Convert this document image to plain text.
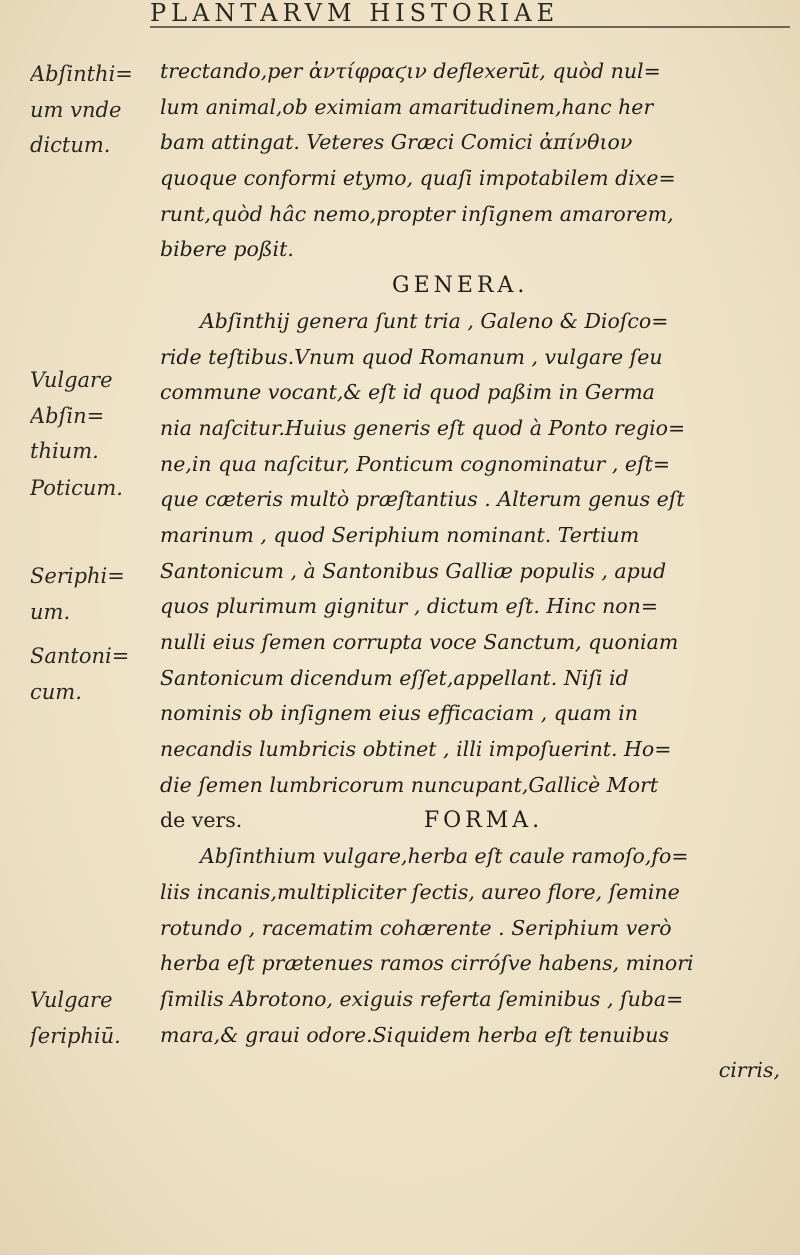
PLANTARVM HISTORIAE
Abſinthi=
um vnde
dictum.
Vulgare
Abſin=
thium.
Poticum.
Seriphi=
um.
Santoni=
cum.
Vulgare
ſeriphiū.
trectando,per ἀντίφραϛιν deflexerūt, quòd nul=
lum animal,ob eximiam amaritudinem,hanc her
bam attingat. Veteres Græci Comici ἀπίνθιον
quoque conformi etymo, quaſi impotabilem dixe=
runt,quòd hâc nemo,propter inſignem amarorem,
bibere poßit.
GENERA.
Abſinthij genera ſunt tria , Galeno & Dioſco=
ride teſtibus.Vnum quod Romanum , vulgare ſeu
commune vocant,& eſt id quod paßim in Germa
nia naſcitur.Huius generis eſt quod à Ponto regio=
ne,in qua naſcitur, Ponticum cognominatur , eſt=
que cæteris multò præſtantius . Alterum genus eſt
marinum , quod Seriphium nominant. Tertium
Santonicum , à Santonibus Galliæ populis , apud
quos plurimum gignitur , dictum eſt. Hinc non=
nulli eius ſemen corrupta voce Sanctum, quoniam
Santonicum dicendum eſſet,appellant. Niſi id
nominis ob inſignem eius efficaciam , quam in
necandis lumbricis obtinet , illi impoſuerint. Ho=
die ſemen lumbricorum nuncupant,Gallicè Mort
de vers.	FORMA.
Abſinthium vulgare,herba eſt caule ramoſo,fo=
liis incanis,multipliciter ſectis, aureo flore, ſemine
rotundo , racematim cohærente . Seriphium verò
herba eſt prætenues ramos cirróſve habens, minori
ſimilis Abrotono, exiguis referta ſeminibus , ſuba=
mara,& graui odore.Siquidem herba eſt tenuibus
cirris,
